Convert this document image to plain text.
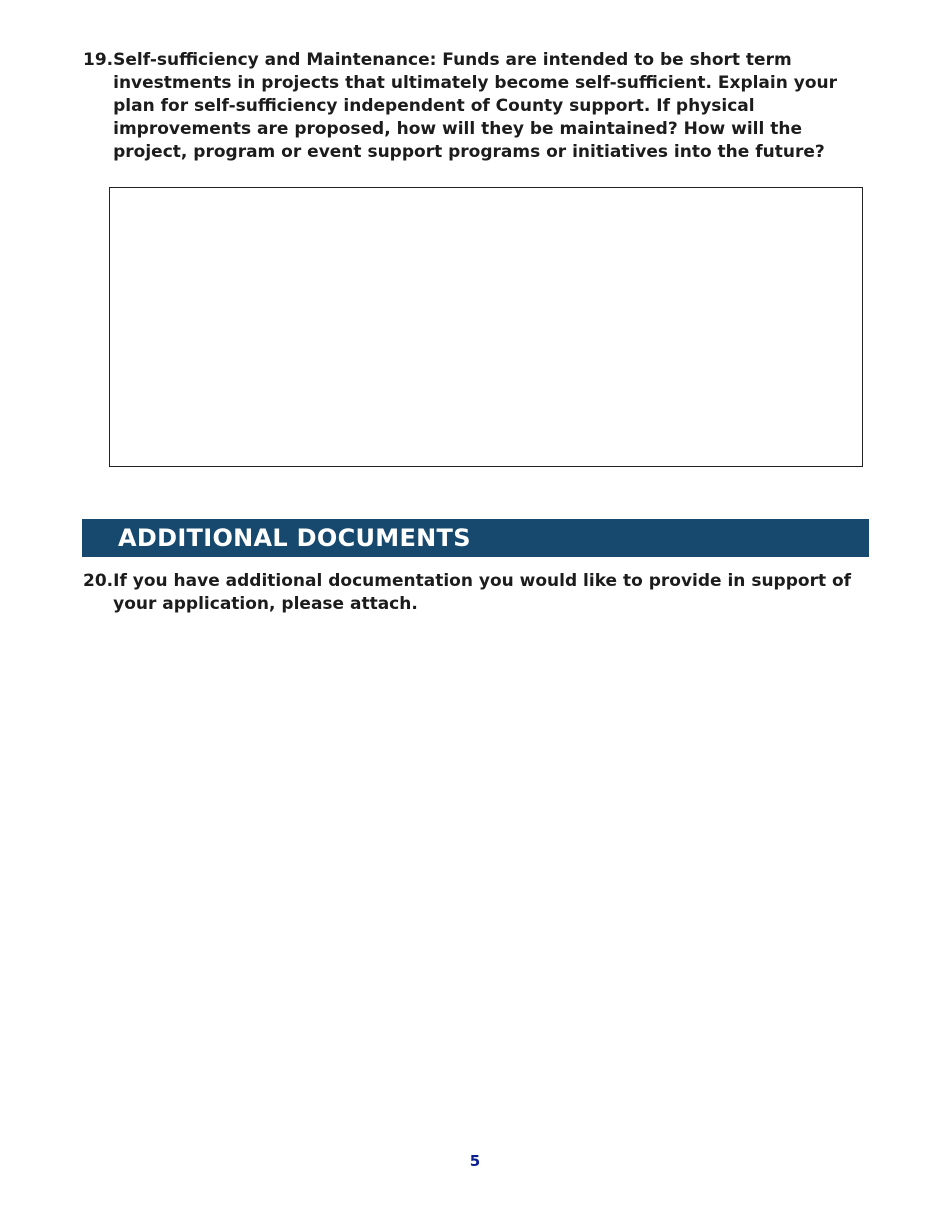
19. Self-sufficiency and Maintenance: Funds are intended to be short term investments in projects that ultimately become self-sufficient. Explain your plan for self-sufficiency independent of County support. If physical improvements are proposed, how will they be maintained? How will the project, program or event support programs or initiatives into the future?
ADDITIONAL DOCUMENTS
20. If you have additional documentation you would like to provide in support of your application, please attach.
5
